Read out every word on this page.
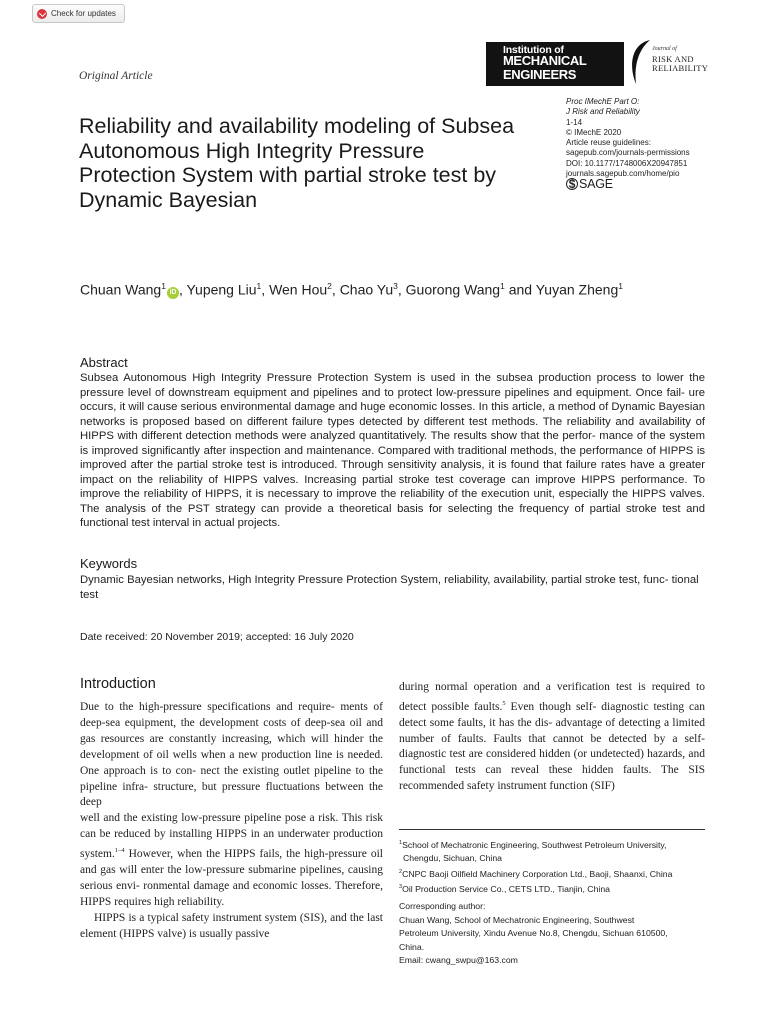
Check for updates
Original Article
Institution of
MECHANICAL
ENGINEERS
Journal of
RISK AND
RELIABILITY
Proc IMechE Part O:
J Risk and Reliability
1-14
© IMechE 2020
Article reuse guidelines:
sagepub.com/journals-permissions
DOI: 10.1177/1748006X20947851
journals.sagepub.com/home/pio
$ SAGE
Reliability and availability modeling of Subsea Autonomous High Integrity Pressure Protection System with partial stroke test by Dynamic Bayesian
Chuan Wang$^1$iD , Yupeng Liu$^1$, Wen Hou$^2$, Chao Yu$^3$, Guorong Wang$^1$ and Yuyan Zheng$^1$
Abstract
Subsea Autonomous High Integrity Pressure Protection System is used in the subsea production process to lower the pressure level of downstream equipment and pipelines and to protect low-pressure pipelines and equipment. Once fail- ure occurs, it will cause serious environmental damage and huge economic losses. In this article, a method of Dynamic Bayesian networks is proposed based on different failure types detected by different test methods. The reliability and availability of HIPPS with different detection methods were analyzed quantitatively. The results show that the perfor- mance of the system is improved significantly after inspection and maintenance. Compared with traditional methods, the performance of HIPPS is improved after the partial stroke test is introduced. Through sensitivity analysis, it is found that failure rates have a greater impact on the reliability of HIPPS valves. Increasing partial stroke test coverage can improve HIPPS performance. To improve the reliability of HIPPS, it is necessary to improve the reliability of the execution unit, especially the HIPPS valves. The analysis of the PST strategy can provide a theoretical basis for selecting the frequency of partial stroke test and functional test interval in actual projects.
Keywords
Dynamic Bayesian networks, High Integrity Pressure Protection System, reliability, availability, partial stroke test, func- tional test
Date received: 20 November 2019; accepted: 16 July 2020
Introduction

Due to the high-pressure specifications and require- ments of deep-sea equipment, the development costs of deep-sea oil and gas resources are constantly increasing, which will hinder the development of oil wells when a new production line is needed. One approach is to con- nect the existing outlet pipeline to the pipeline infra- structure, but pressure fluctuations between the deep

well and the existing low-pressure pipeline pose a risk. This risk can be reduced by installing HIPPS in an underwater production system.$^{1-4}$ However, when the HIPPS fails, the high-pressure oil and gas will enter the low-pressure submarine pipelines, causing serious envi- ronmental damage and economic losses. Therefore, HIPPS requires high reliability.

HIPPS is a typical safety instrument system (SIS), and the last element (HIPPS valve) is usually passive

during normal operation and a verification test is required to detect possible faults.$^5$ Even though self- diagnostic testing can detect some faults, it has the dis- advantage of detecting a limited number of faults. Faults that cannot be detected by a self-diagnostic test are considered hidden (or undetected) hazards, and functional tests can reveal these hidden faults. The SIS recommended safety instrument function (SIF)

$^1$School of Mechatronic Engineering, Southwest Petroleum University, Chengdu, Sichuan, China
$^2$CNPC Baoji Oilfield Machinery Corporation Ltd., Baoji, Shaanxi, China
$^3$Oil Production Service Co., CETS LTD., Tianjin, China
Corresponding author:
Chuan Wang, School of Mechatronic Engineering, Southwest
Petroleum University, Xindu Avenue No.8, Chengdu, Sichuan 610500,
China.
Email: cwang_swpu@163.com
